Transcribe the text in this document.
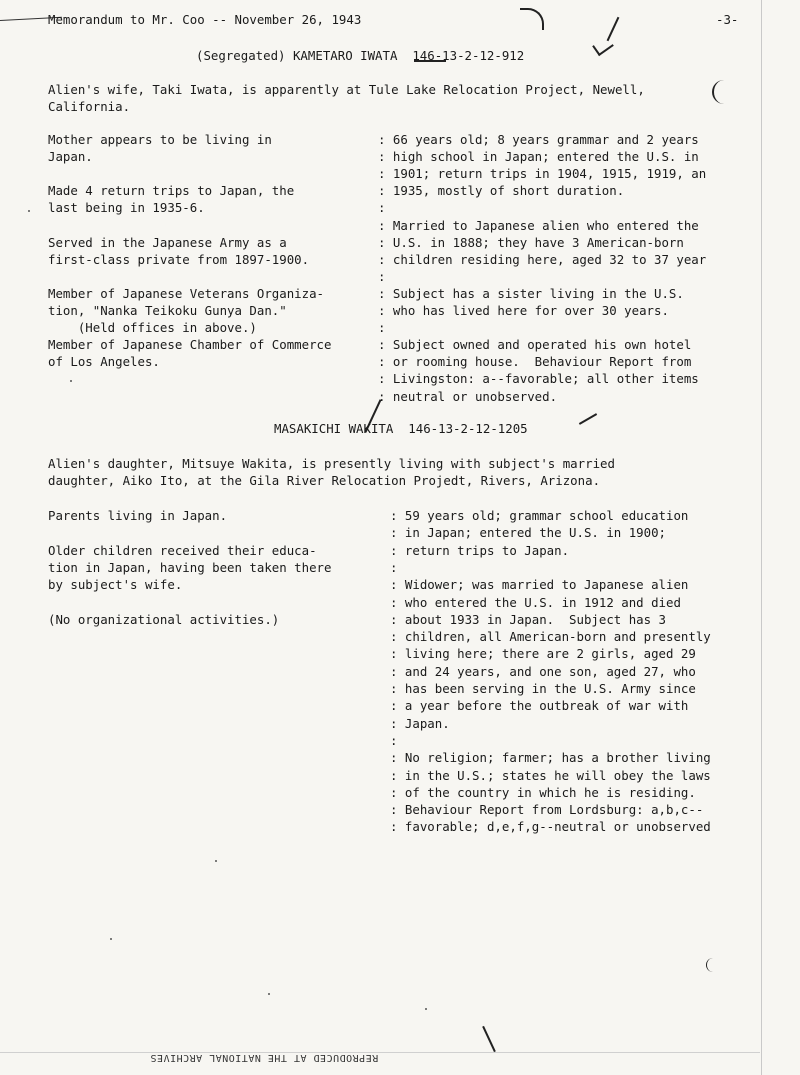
Memorandum to Mr. Coo -- November 26, 1943	-3-
(Segregated) KAMETARO IWATA  146-13-2-12-912
Alien's wife, Taki Iwata, is apparently at Tule Lake Relocation Project, Newell,
California.
Mother appears to be living in
Japan.
Made 4 return trips to Japan, the
last being in 1935-6.
Served in the Japanese Army as a
first-class private from 1897-1900.
Member of Japanese Veterans Organiza-
tion, "Nanka Teikoku Gunya Dan."
(Held offices in above.)
Member of Japanese Chamber of Commerce
of Los Angeles.
: 66 years old; 8 years grammar and 2 years
: high school in Japan; entered the U.S. in
: 1901; return trips in 1904, 1915, 1919, an
: 1935, mostly of short duration.
:
: Married to Japanese alien who entered the
: U.S. in 1888; they have 3 American-born
: children residing here, aged 32 to 37 year
:
: Subject has a sister living in the U.S.
: who has lived here for over 30 years.
:
: Subject owned and operated his own hotel
: or rooming house.  Behaviour Report from
: Livingston: a--favorable; all other items
: neutral or unobserved.
MASAKICHI WAKITA  146-13-2-12-1205
Alien's daughter, Mitsuye Wakita, is presently living with subject's married
daughter, Aiko Ito, at the Gila River Relocation Projedt, Rivers, Arizona.
Parents living in Japan.
Older children received their educa-
tion in Japan, having been taken there
by subject's wife.
(No organizational activities.)
: 59 years old; grammar school education
: in Japan; entered the U.S. in 1900;
: return trips to Japan.
:
: Widower; was married to Japanese alien
: who entered the U.S. in 1912 and died
: about 1933 in Japan.  Subject has 3
: children, all American-born and presently
: living here; there are 2 girls, aged 29
: and 24 years, and one son, aged 27, who
: has been serving in the U.S. Army since
: a year before the outbreak of war with
: Japan.
:
: No religion; farmer; has a brother living
: in the U.S.; states he will obey the laws
: of the country in which he is residing.
: Behaviour Report from Lordsburg: a,b,c--
: favorable; d,e,f,g--neutral or unobserved
REPRODUCED AT THE NATIONAL ARCHIVES
